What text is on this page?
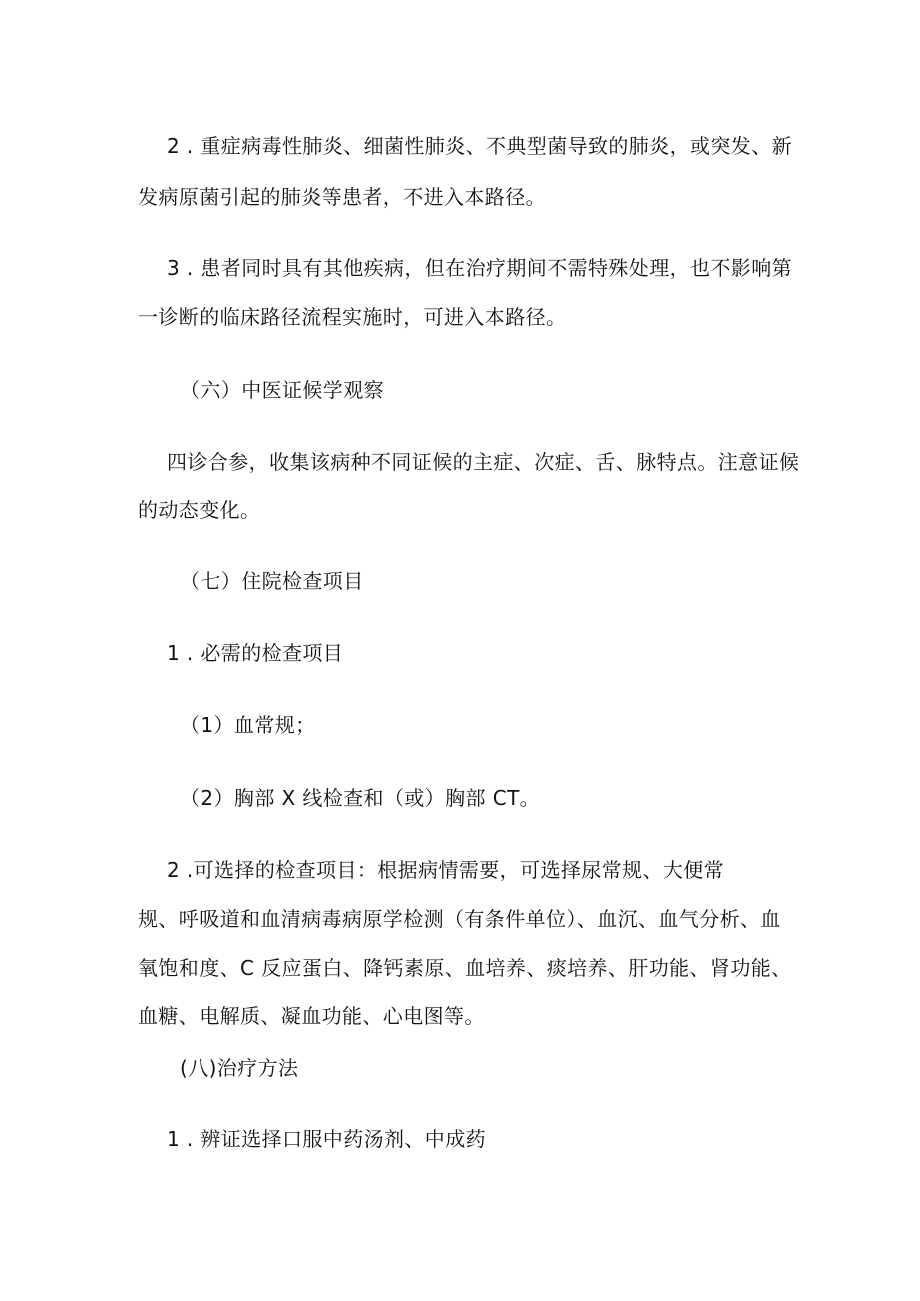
2 . 重症病毒性肺炎、细菌性肺炎、不典型菌导致的肺炎，或突发、新

发病原菌引起的肺炎等患者，不进入本路径。

3 . 患者同时具有其他疾病，但在治疗期间不需特殊处理，也不影响第

一诊断的临床路径流程实施时，可进入本路径。

（六）中医证候学观察

四诊合参，收集该病种不同证候的主症、次症、舌、脉特点。注意证候

的动态变化。

（七）住院检查项目

1 . 必需的检查项目

（1）血常规；

（2）胸部 X 线检查和（或）胸部 CT。

2 .可选择的检查项目：根据病情需要，可选择尿常规、大便常

规、呼吸道和血清病毒病原学检测（有条件单位）、血沉、血气分析、血

氧饱和度、C 反应蛋白、降钙素原、血培养、痰培养、肝功能、肾功能、

血糖、电解质、凝血功能、心电图等。

(八)治疗方法

1 . 辨证选择口服中药汤剂、中成药
